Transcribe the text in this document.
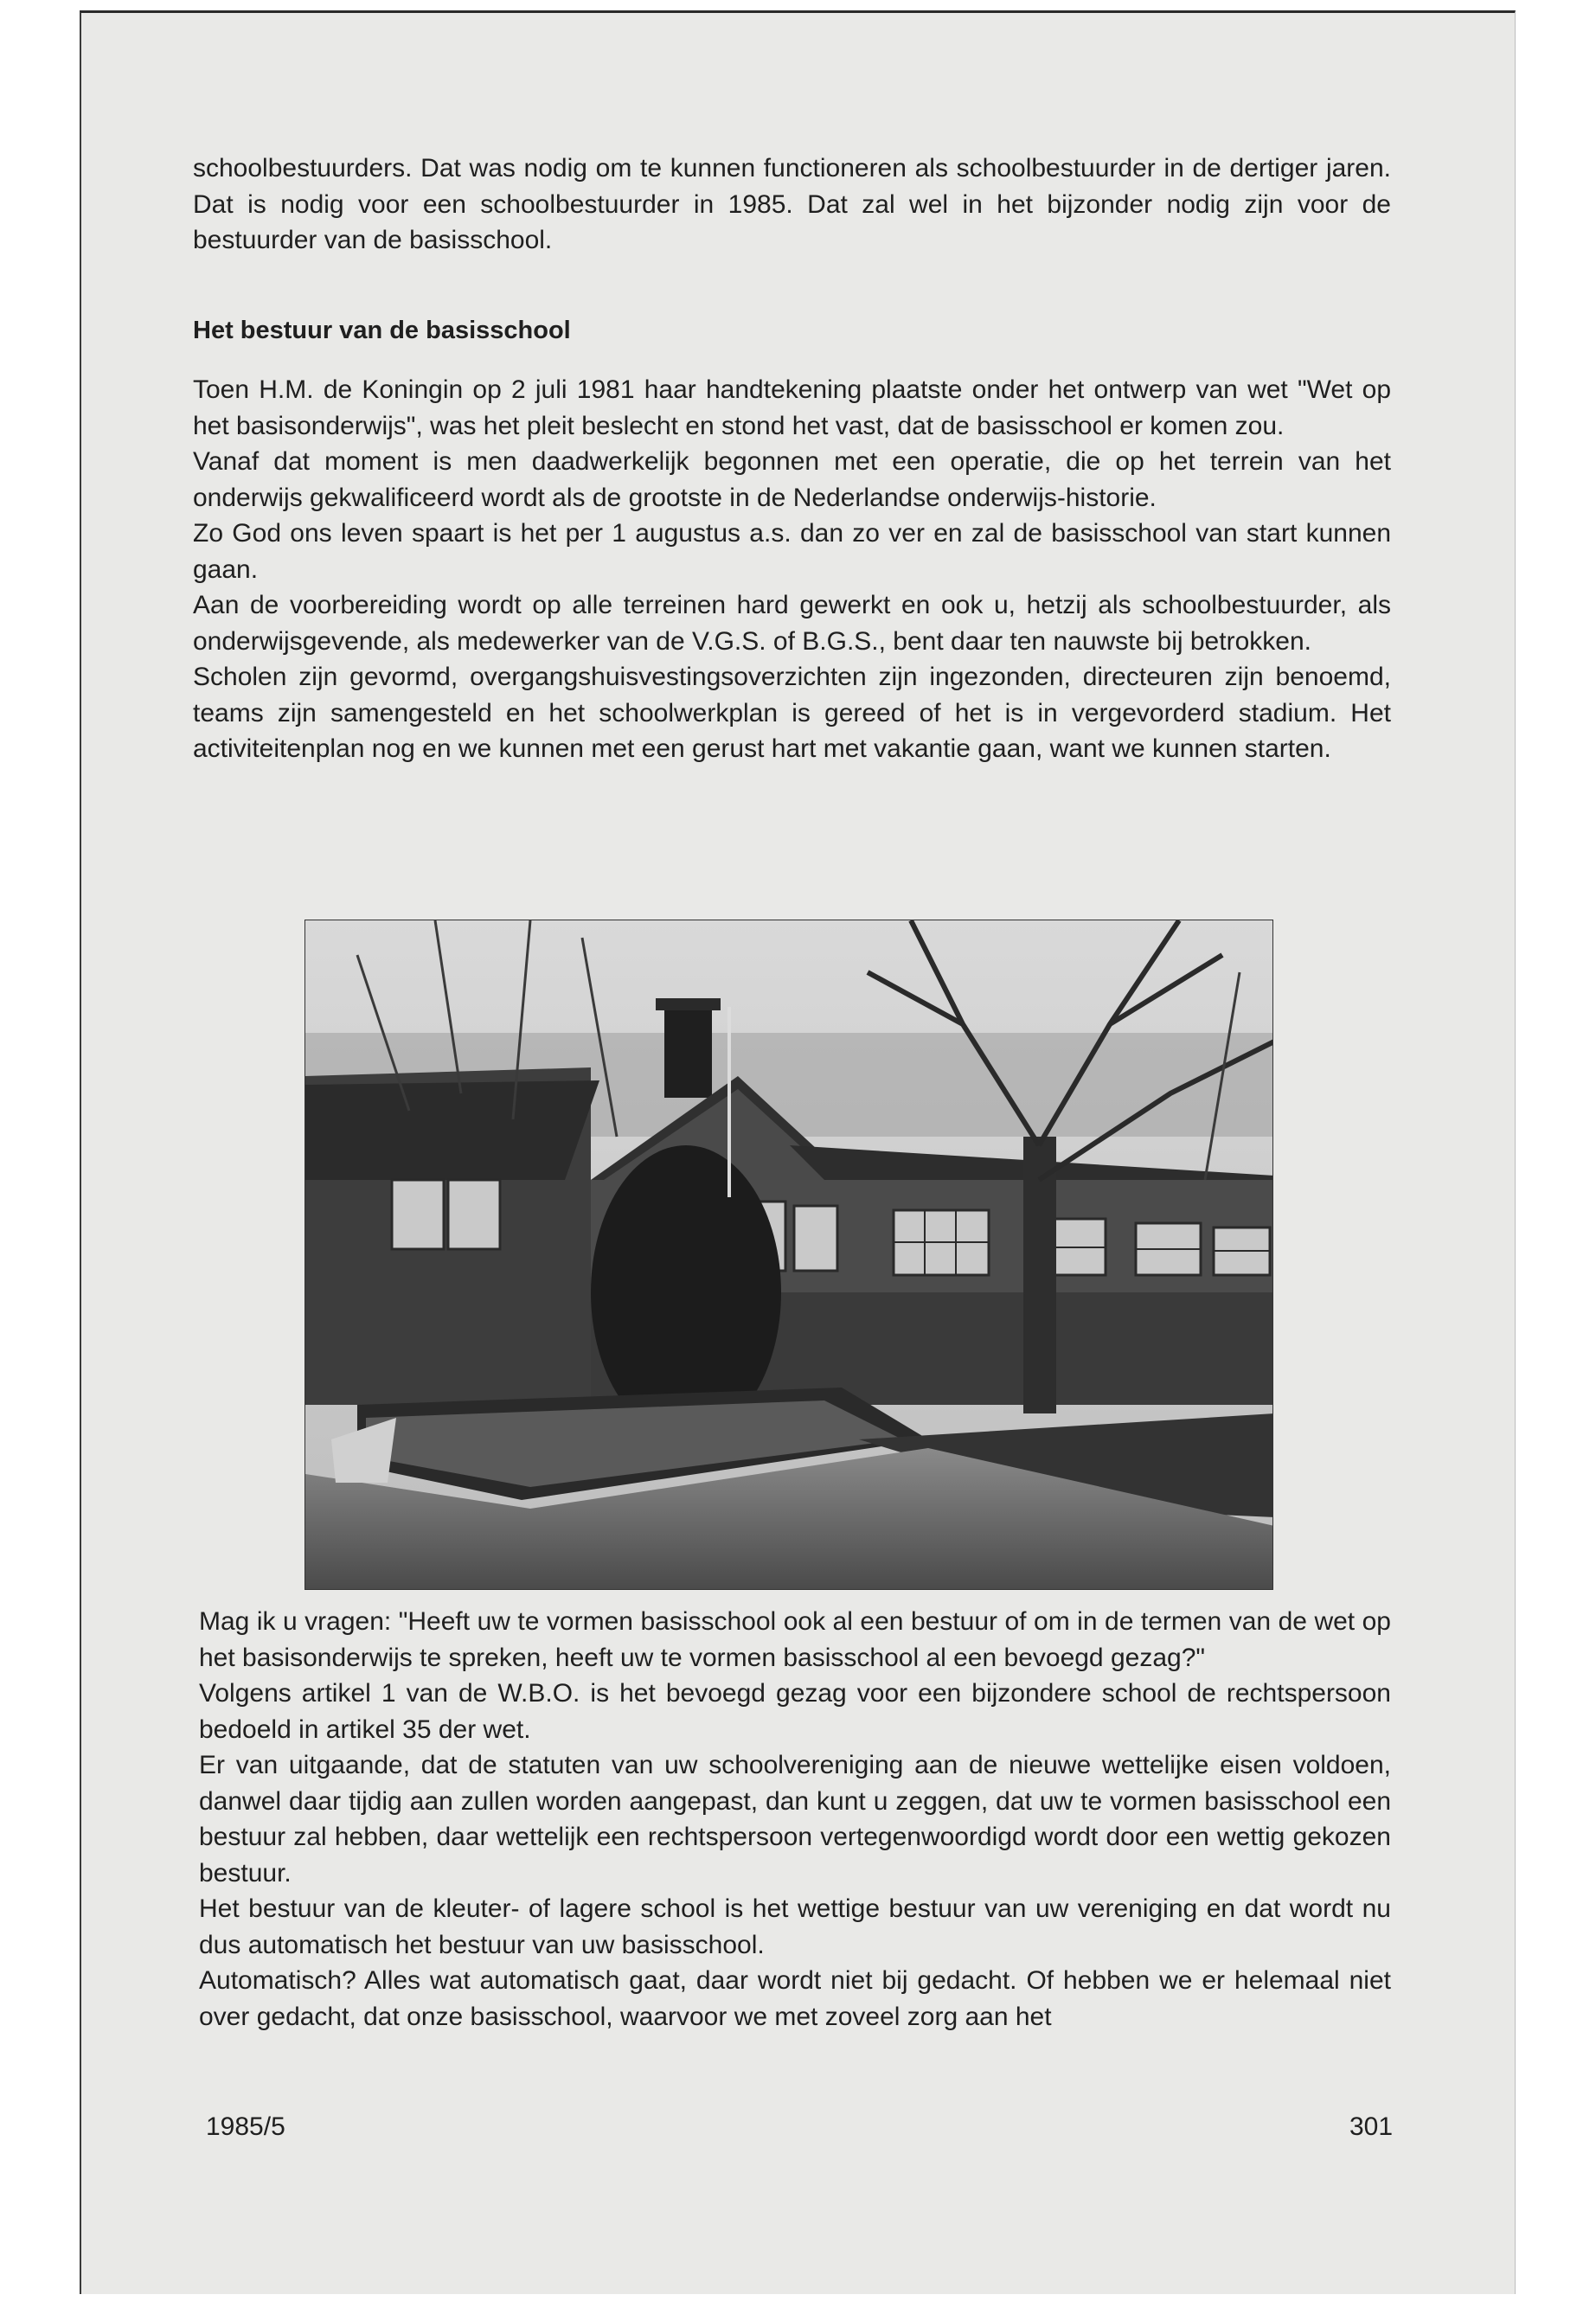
schoolbestuurders. Dat was nodig om te kunnen functioneren als schoolbestuurder in de dertiger jaren. Dat is nodig voor een schoolbestuurder in 1985. Dat zal wel in het bijzonder nodig zijn voor de bestuurder van de basisschool.

Het bestuur van de basisschool

Toen H.M. de Koningin op 2 juli 1981 haar handtekening plaatste onder het ontwerp van wet "Wet op het basisonderwijs", was het pleit beslecht en stond het vast, dat de basisschool er komen zou.

Vanaf dat moment is men daadwerkelijk begonnen met een operatie, die op het terrein van het onderwijs gekwalificeerd wordt als de grootste in de Nederlandse onderwijs-historie.

Zo God ons leven spaart is het per 1 augustus a.s. dan zo ver en zal de basisschool van start kunnen gaan.

Aan de voorbereiding wordt op alle terreinen hard gewerkt en ook u, hetzij als schoolbestuurder, als onderwijsgevende, als medewerker van de V.G.S. of B.G.S., bent daar ten nauwste bij betrokken.

Scholen zijn gevormd, overgangshuisvestingsoverzichten zijn ingezonden, directeuren zijn benoemd, teams zijn samengesteld en het schoolwerkplan is gereed of het is in vergevorderd stadium. Het activiteitenplan nog en we kunnen met een gerust hart met vakantie gaan, want we kunnen starten.

Mag ik u vragen: "Heeft uw te vormen basisschool ook al een bestuur of om in de termen van de wet op het basisonderwijs te spreken, heeft uw te vormen basisschool al een bevoegd gezag?"

Volgens artikel 1 van de W.B.O. is het bevoegd gezag voor een bijzondere school de rechtspersoon bedoeld in artikel 35 der wet.

Er van uitgaande, dat de statuten van uw schoolvereniging aan de nieuwe wettelijke eisen voldoen, danwel daar tijdig aan zullen worden aangepast, dan kunt u zeggen, dat uw te vormen basisschool een bestuur zal hebben, daar wettelijk een rechtspersoon vertegenwoordigd wordt door een wettig gekozen bestuur.

Het bestuur van de kleuter- of lagere school is het wettige bestuur van uw vereniging en dat wordt nu dus automatisch het bestuur van uw basisschool.

Automatisch? Alles wat automatisch gaat, daar wordt niet bij gedacht. Of hebben we er helemaal niet over gedacht, dat onze basisschool, waarvoor we met zoveel zorg aan het

1985/5	301
